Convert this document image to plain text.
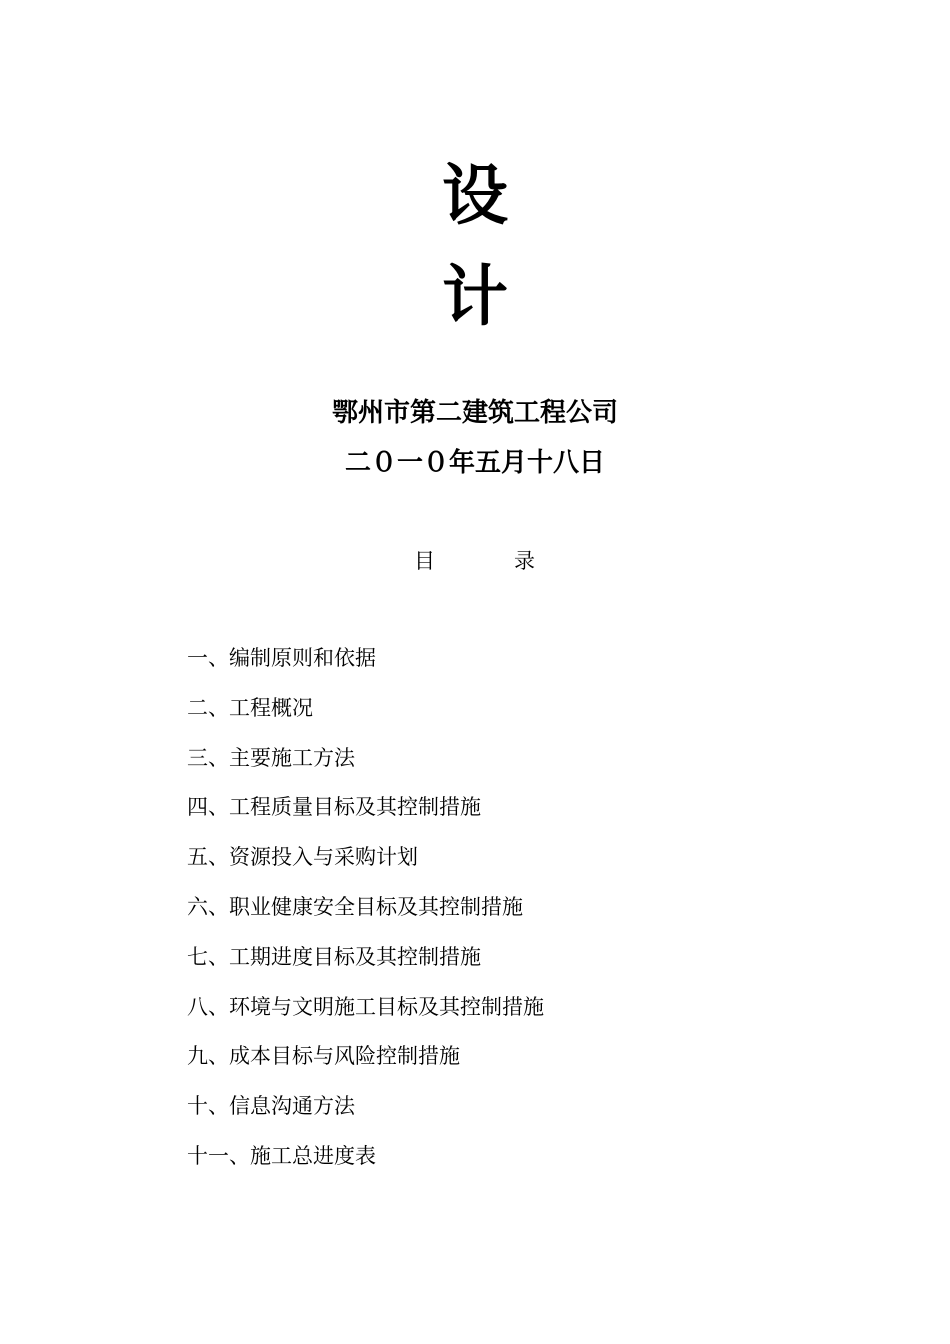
设
计
鄂州市第二建筑工程公司
二０一０年五月十八日
目	录
一、编制原则和依据
二、工程概况
三、主要施工方法
四、工程质量目标及其控制措施
五、资源投入与采购计划
六、职业健康安全目标及其控制措施
七、工期进度目标及其控制措施
八、环境与文明施工目标及其控制措施
九、成本目标与风险控制措施
十、信息沟通方法
十一、施工总进度表
